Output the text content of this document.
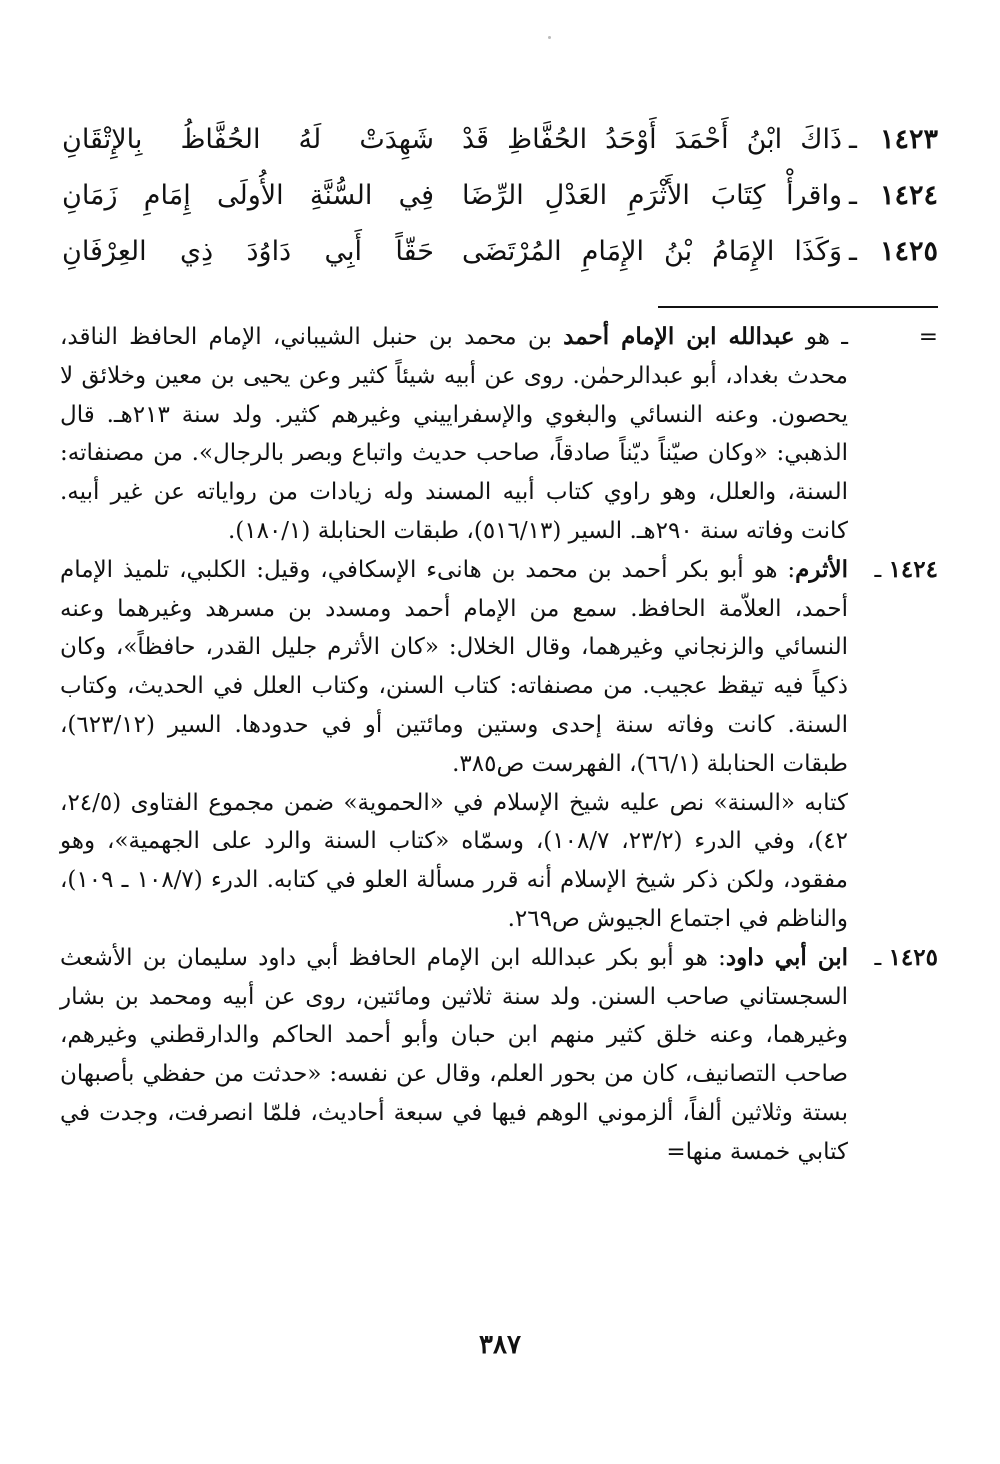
١٤٢٣
ـ
ذَاكَ ابْنُ أَحْمَدَ أَوْحَدُ الحُفَّاظِ قَدْ
شَهِدَتْ لَهُ الحُفَّاظُ بِالإِتْقَانِ
١٤٢٤
ـ
واقرأْ كِتَابَ الأَثْرَمِ العَدْلِ الرِّضَا
فِي السُّنَّةِ الأُولَى إِمَامِ زَمَانِ
١٤٢٥
ـ
وَكَذَا الإِمَامُ بْنُ الإِمَامِ المُرْتَضَى
حَقّاً أَبِي دَاوُدَ ذِي العِرْفَانِ
=
ـ هو عبدالله ابن الإمام أحمد بن محمد بن حنبل الشيباني، الإمام الحافظ الناقد، محدث بغداد، أبو عبدالرحمٰن. روى عن أبيه شيئاً كثير وعن يحيى بن معين وخلائق لا يحصون. وعنه النسائي والبغوي والإسفراييني وغيرهم كثير. ولد سنة ٢١٣هـ. قال الذهبي: «وكان صيّناً ديّناً صادقاً، صاحب حديث واتباع وبصر بالرجال». من مصنفاته: السنة، والعلل، وهو راوي كتاب أبيه المسند وله زيادات من رواياته عن غير أبيه. كانت وفاته سنة ٢٩٠هـ. السير (٥١٦/١٣)، طبقات الحنابلة (١٨٠/١).
١٤٢٤ ـ
الأثرم: هو أبو بكر أحمد بن محمد بن هانىء الإسكافي، وقيل: الكلبي، تلميذ الإمام أحمد، العلاّمة الحافظ. سمع من الإمام أحمد ومسدد بن مسرهد وغيرهما وعنه النسائي والزنجاني وغيرهما، وقال الخلال: «كان الأثرم جليل القدر، حافظاً»، وكان ذكياً فيه تيقظ عجيب. من مصنفاته: كتاب السنن، وكتاب العلل في الحديث، وكتاب السنة. كانت وفاته سنة إحدى وستين ومائتين أو في حدودها. السير (٦٢٣/١٢)، طبقات الحنابلة (٦٦/١)، الفهرست ص٣٨٥.
كتابه «السنة» نص عليه شيخ الإسلام في «الحموية» ضمن مجموع الفتاوى (٢٤/٥، ٤٢)، وفي الدرء (٢٣/٢، ١٠٨/٧)، وسمّاه «كتاب السنة والرد على الجهمية»، وهو مفقود، ولكن ذكر شيخ الإسلام أنه قرر مسألة العلو في كتابه. الدرء (١٠٨/٧ ـ ١٠٩)، والناظم في اجتماع الجيوش ص٢٦٩.
١٤٢٥ ـ
ابن أبي داود: هو أبو بكر عبدالله ابن الإمام الحافظ أبي داود سليمان بن الأشعث السجستاني صاحب السنن. ولد سنة ثلاثين ومائتين، روى عن أبيه ومحمد بن بشار وغيرهما، وعنه خلق كثير منهم ابن حبان وأبو أحمد الحاكم والدارقطني وغيرهم، صاحب التصانيف، كان من بحور العلم، وقال عن نفسه: «حدثت من حفظي بأصبهان بستة وثلاثين ألفاً، ألزموني الوهم فيها في سبعة أحاديث، فلمّا انصرفت، وجدت في كتابي خمسة منها=
٣٨٧
